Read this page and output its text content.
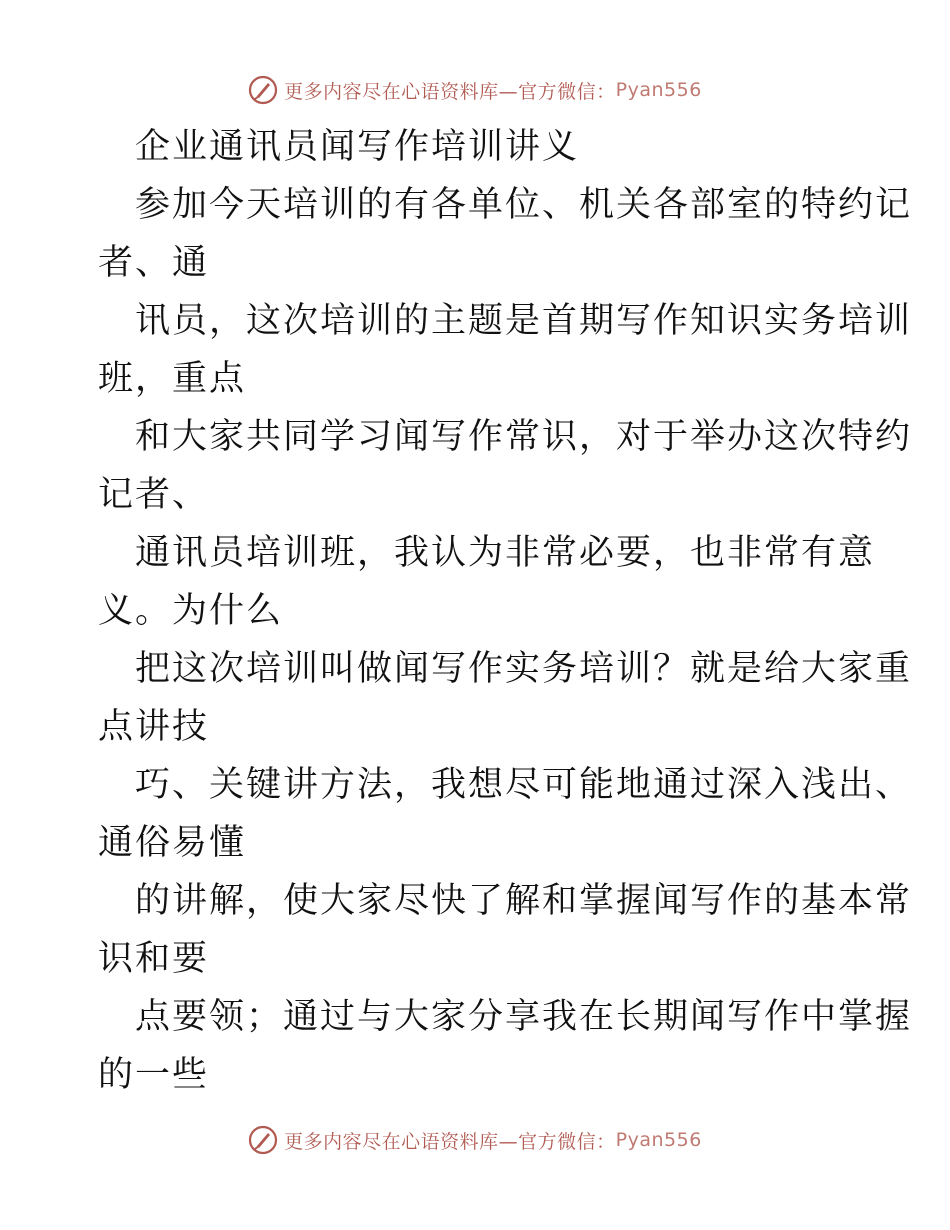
更多内容尽在心语资料库—官方微信： Pyan556
企业通讯员闻写作培训讲义
参加今天培训的有各单位、机关各部室的特约记
者、通
讯员，这次培训的主题是首期写作知识实务培训
班，重点
和大家共同学习闻写作常识，对于举办这次特约
记者、
通讯员培训班，我认为非常必要，也非常有意
义。为什么
把这次培训叫做闻写作实务培训？就是给大家重
点讲技
巧、关键讲方法，我想尽可能地通过深入浅出、
通俗易懂
的讲解，使大家尽快了解和掌握闻写作的基本常
识和要
点要领；通过与大家分享我在长期闻写作中掌握
的一些
更多内容尽在心语资料库—官方微信： Pyan556
